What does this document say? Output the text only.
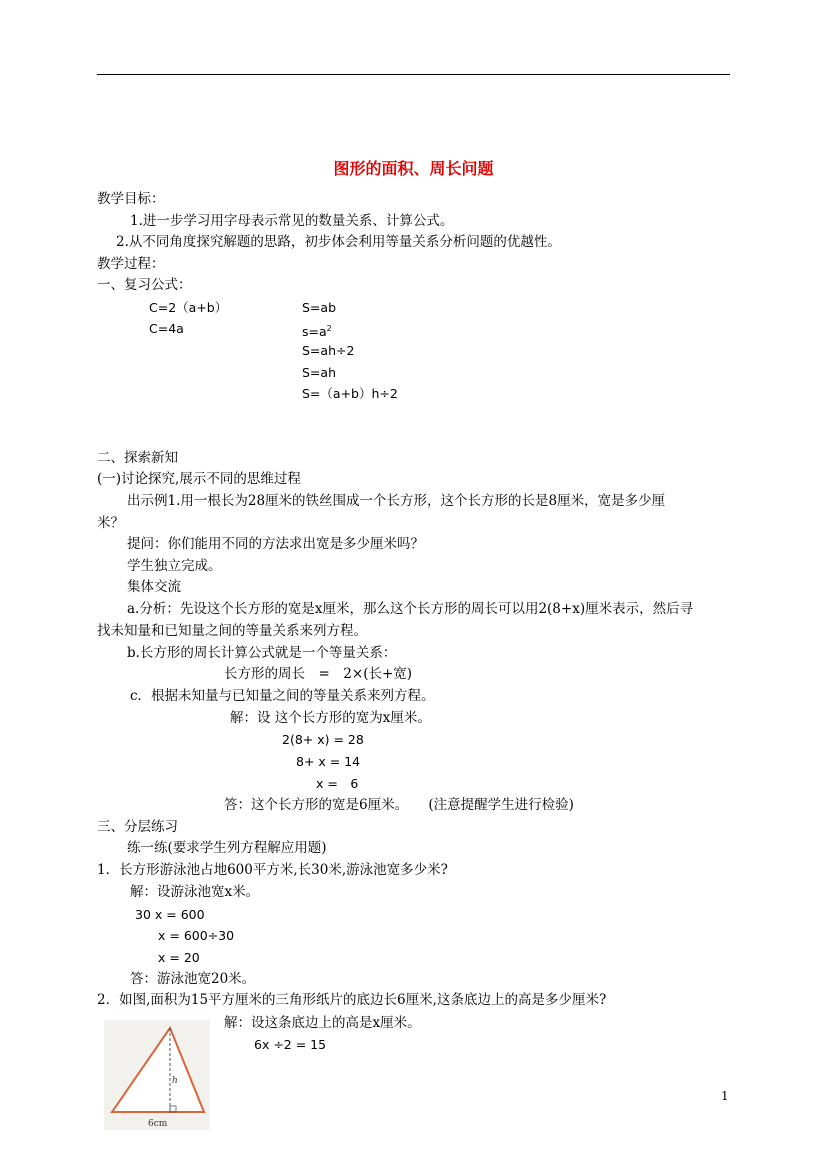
图形的面积、周长问题
教学目标：
1.进一步学习用字母表示常见的数量关系、计算公式。
2.从不同角度探究解题的思路，初步体会利用等量关系分析问题的优越性。
教学过程：
一、复习公式：
C=2（a+b）	S=ab
C=4a	$s=a^2$
S=ah÷2
S=ah
S=（a+b）h÷2
二、探索新知
(一)讨论探究,展示不同的思维过程
出示例1.用一根长为28厘米的铁丝围成一个长方形，这个长方形的长是8厘米，宽是多少厘
米？
提问：你们能用不同的方法求出宽是多少厘米吗？
学生独立完成。
集体交流
a.分析：先设这个长方形的宽是x厘米，那么这个长方形的周长可以用2(8+x)厘米表示，然后寻
找未知量和已知量之间的等量关系来列方程。
b.长方形的周长计算公式就是一个等量关系：
长方形的周长　=　2×(长+宽)
c．根据未知量与已知量之间的等量关系来列方程。
解：设 这个长方形的宽为x厘米。
2(8+ x) = 28
8+ x = 14
x =　6
答：这个长方形的宽是6厘米。　　(注意提醒学生进行检验)
三、分层练习
练一练(要求学生列方程解应用题)
1．长方形游泳池占地600平方米,长30米,游泳池宽多少米?
解：设游泳池宽x米。
30 x = 600
x = 600÷30
x = 20
答：游泳池宽20米。
2．如图,面积为15平方厘米的三角形纸片的底边长6厘米,这条底边上的高是多少厘米?
解：设这条底边上的高是x厘米。
6x ÷2 = 15
h
6cm
1
